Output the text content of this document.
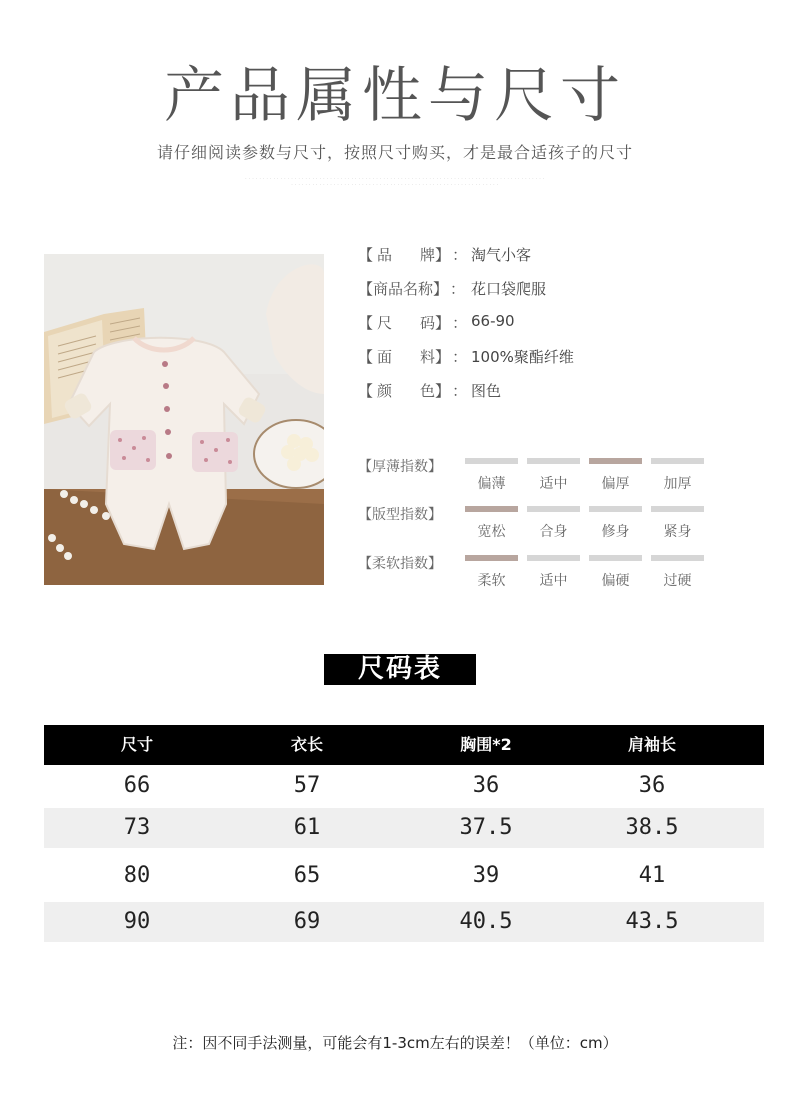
产品属性与尺寸
请仔细阅读参数与尺寸，按照尺寸购买，才是最合适孩子的尺寸
· · · · · · · · · · · · · · · · · · · · · · · · · · · · · · · · · · · · · · · · · · · · · · · · · · · · · · · · · · · · · · · · · · · · · · · · · · · · · · · · · · · · ·
· · · · · · · · · · · · · · · · · · · · · · · · · · · · · · · · · · · · · · · · · · · · · · · · · · · · · · · · · · ·
【 品 牌 】 ： 淘气小客
【 商品名称 】 ： 花口袋爬服
【 尺 码 】 ： 66-90
【 面 料 】 ： 100%聚酯纤维
【 颜 色 】 ： 图色
【厚薄指数】
偏薄	适中	偏厚	加厚
【版型指数】
宽松	合身	修身	紧身
【柔软指数】
柔软	适中	偏硬	过硬
尺码表
尺寸	衣长	胸围*2	肩袖长
66	57	36	36
73	61	37.5	38.5
80	65	39	41
90	69	40.5	43.5
注：因不同手法测量，可能会有1-3cm左右的误差！（单位：cm）
